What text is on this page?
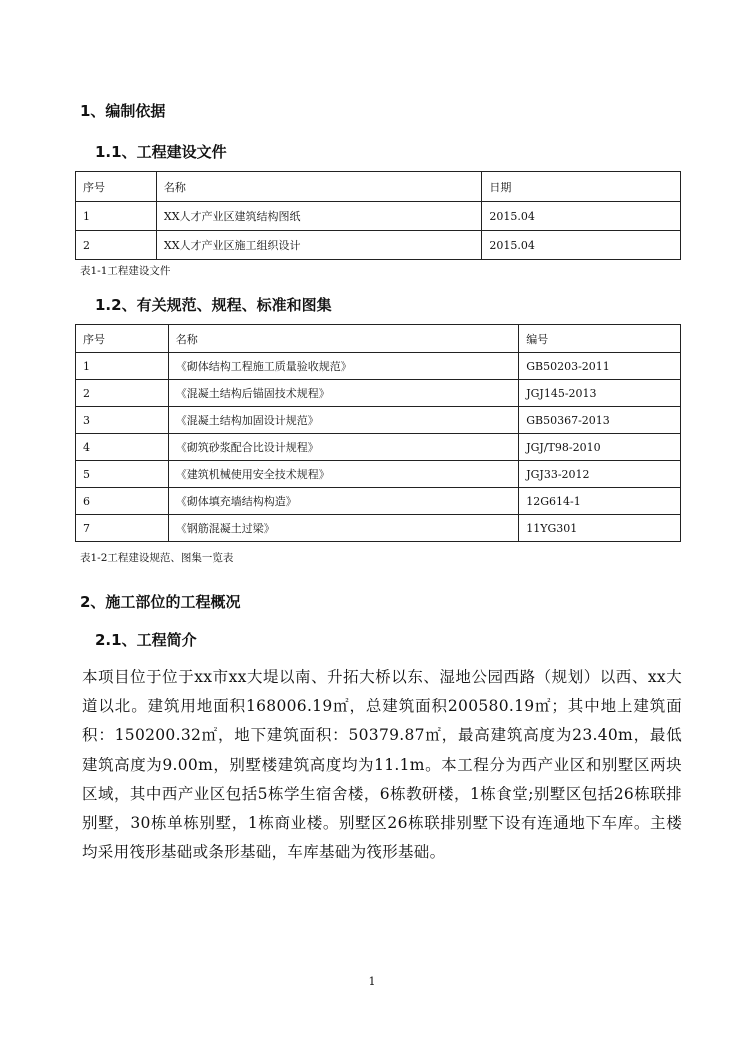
1、编制依据
1.1、工程建设文件
序号	名称	日期
1	XX人才产业区建筑结构图纸	2015.04
2	XX人才产业区施工组织设计	2015.04

表1-1工程建设文件

1.2、有关规范、规程、标准和图集
序号	名称	编号
1	《砌体结构工程施工质量验收规范》	GB50203-2011
2	《混凝土结构后锚固技术规程》	JGJ145-2013
3	《混凝土结构加固设计规范》	GB50367-2013
4	《砌筑砂浆配合比设计规程》	JGJ/T98-2010
5	《建筑机械使用安全技术规程》	JGJ33-2012
6	《砌体填充墙结构构造》	12G614-1
7	《钢筋混凝土过梁》	11YG301

表1-2工程建设规范、图集一览表

2、施工部位的工程概况
2.1、工程简介

本项目位于位于xx市xx大堤以南、升拓大桥以东、湿地公园西路（规划）以西、xx大道以北。建筑用地面积168006.19㎡，总建筑面积200580.19㎡；其中地上建筑面积：150200.32㎡，地下建筑面积：50379.87㎡，最高建筑高度为23.40m，最低建筑高度为9.00m，别墅楼建筑高度均为11.1m。本工程分为西产业区和别墅区两块区域，其中西产业区包括5栋学生宿舍楼，6栋教研楼，1栋食堂;别墅区包括26栋联排别墅，30栋单栋别墅，1栋商业楼。别墅区26栋联排别墅下设有连通地下车库。主楼均采用筏形基础或条形基础，车库基础为筏形基础。

1
